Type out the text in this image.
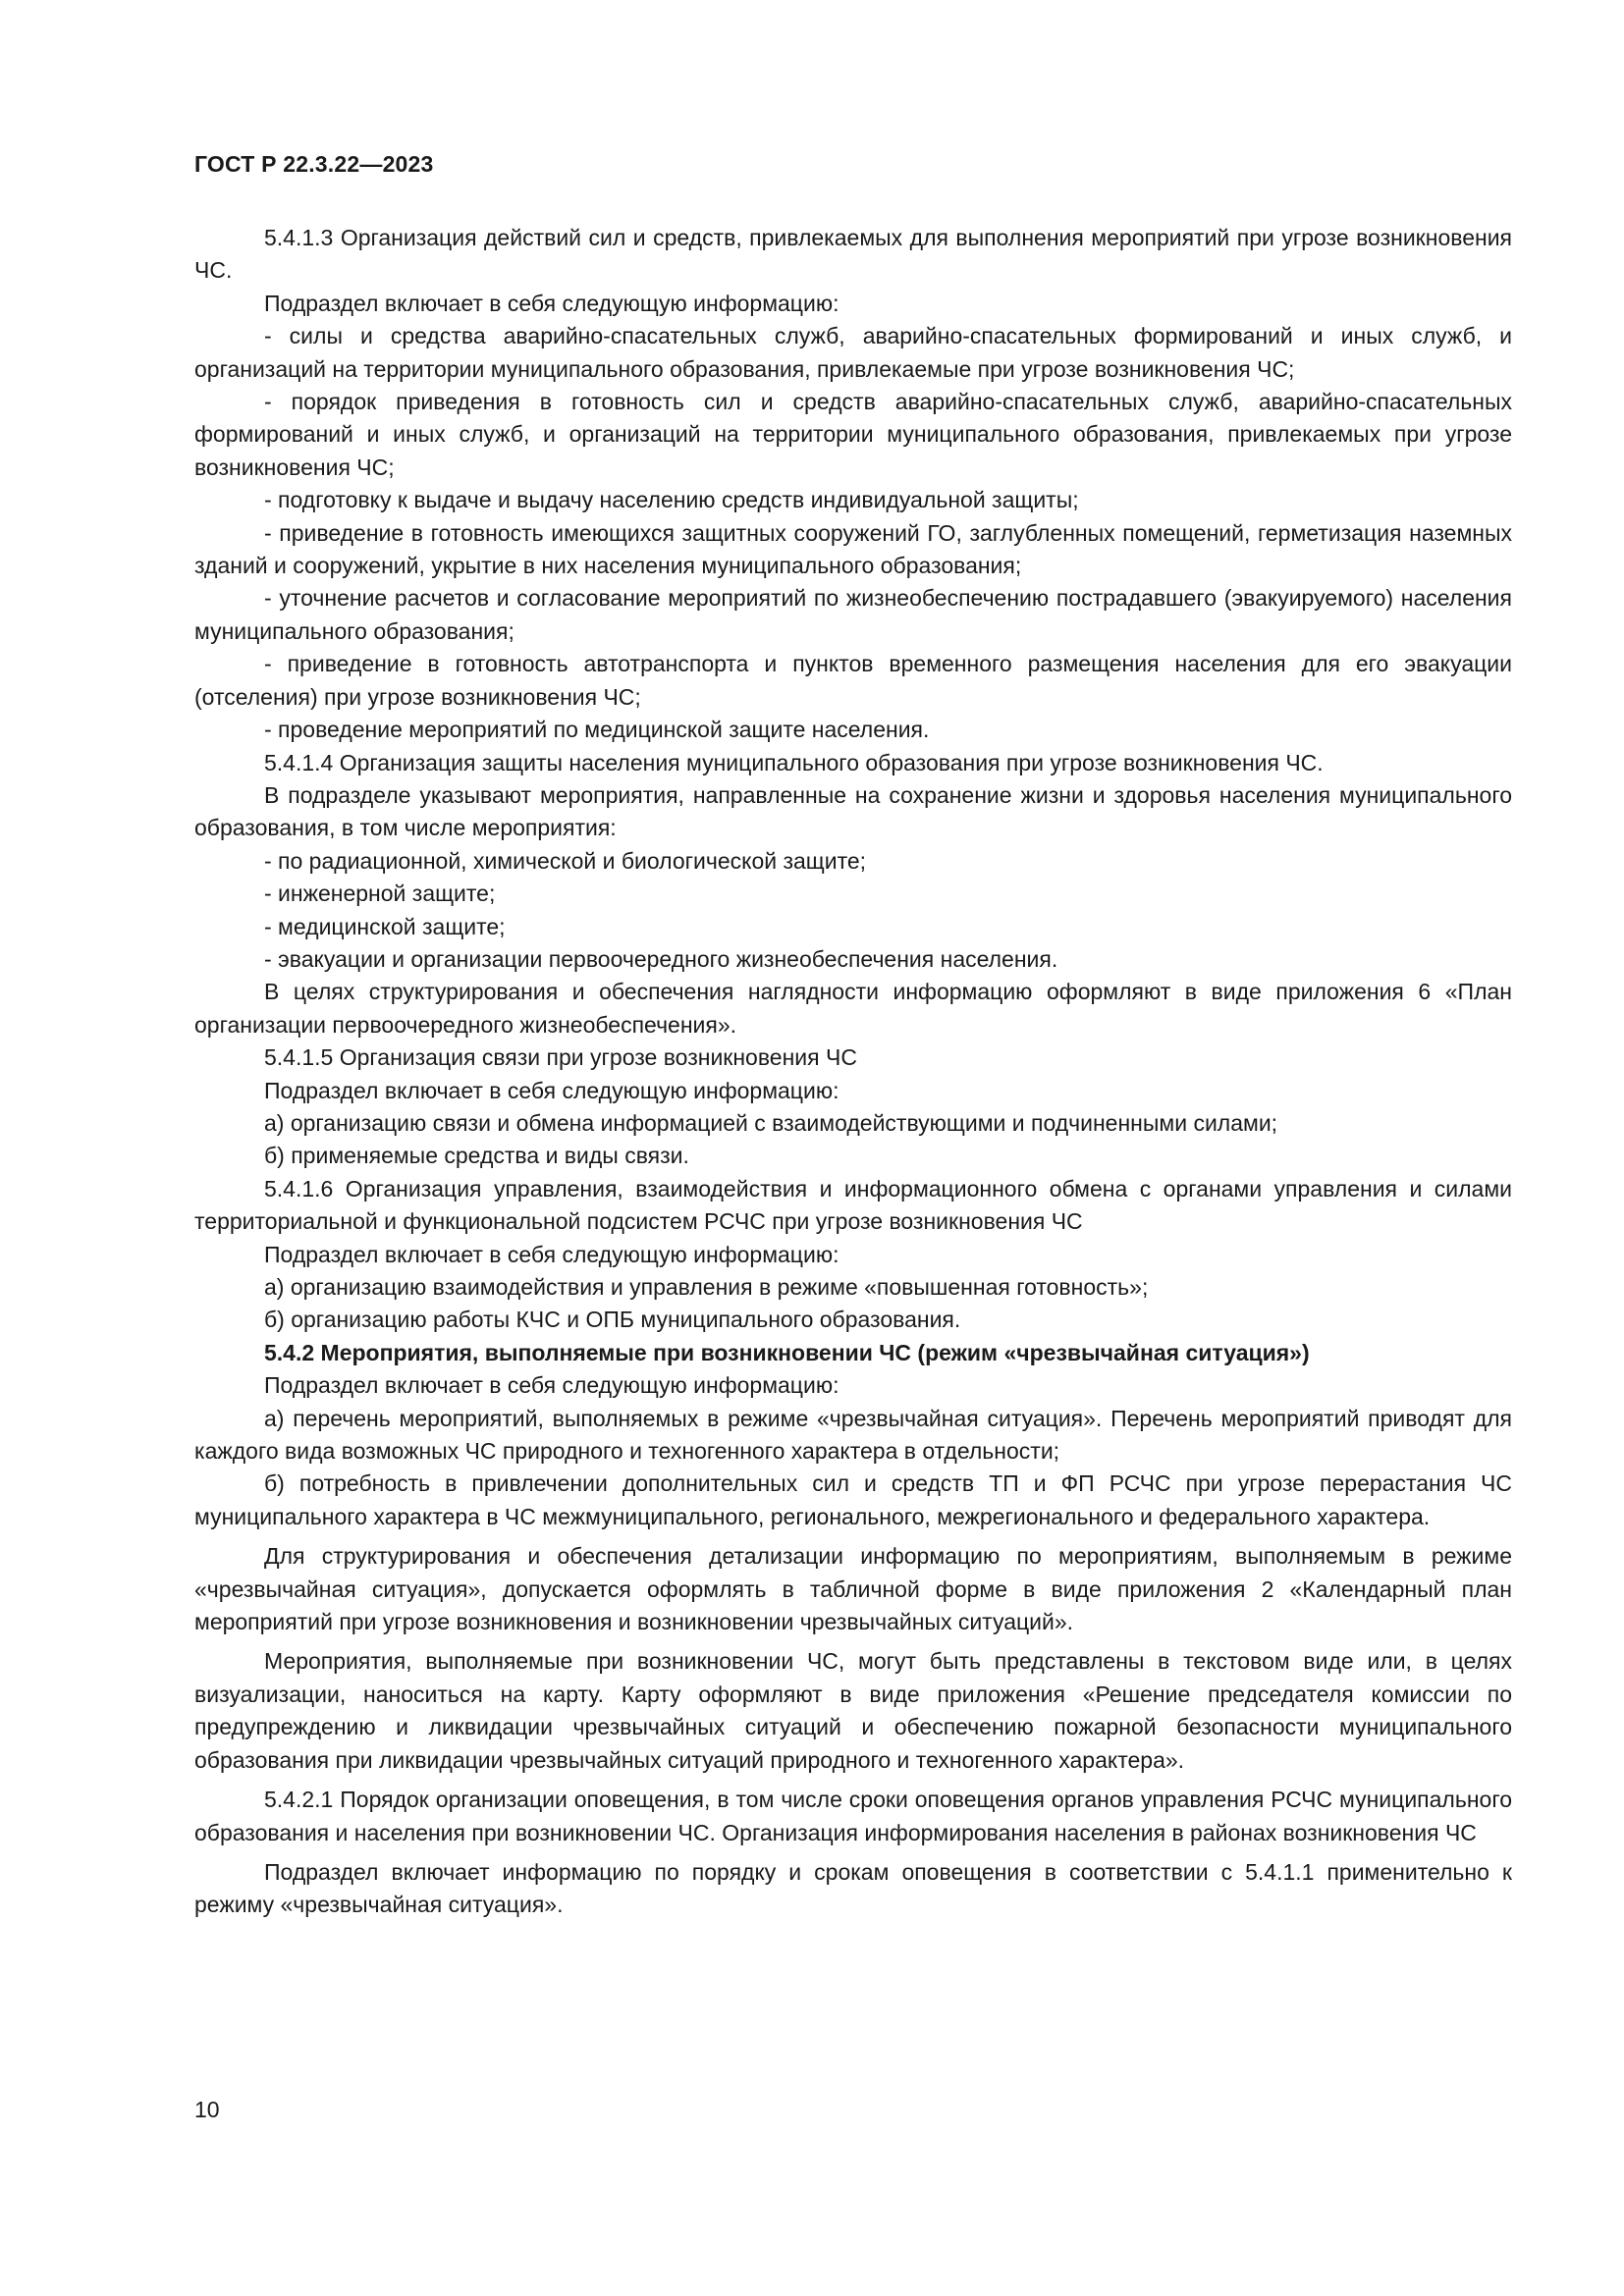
ГОСТ Р 22.3.22—2023

5.4.1.3 Организация действий сил и средств, привлекаемых для выполнения мероприятий при угрозе возникновения ЧС.

Подраздел включает в себя следующую информацию:

- силы и средства аварийно-спасательных служб, аварийно-спасательных формирований и иных служб, и организаций на территории муниципального образования, привлекаемые при угрозе возникновения ЧС;

- порядок приведения в готовность сил и средств аварийно-спасательных служб, аварийно-спасательных формирований и иных служб, и организаций на территории муниципального образования, привлекаемых при угрозе возникновения ЧС;

- подготовку к выдаче и выдачу населению средств индивидуальной защиты;

- приведение в готовность имеющихся защитных сооружений ГО, заглубленных помещений, герметизация наземных зданий и сооружений, укрытие в них населения муниципального образования;

- уточнение расчетов и согласование мероприятий по жизнеобеспечению пострадавшего (эвакуируемого) населения муниципального образования;

- приведение в готовность автотранспорта и пунктов временного размещения населения для его эвакуации (отселения) при угрозе возникновения ЧС;

- проведение мероприятий по медицинской защите населения.

5.4.1.4 Организация защиты населения муниципального образования при угрозе возникновения ЧС.

В подразделе указывают мероприятия, направленные на сохранение жизни и здоровья населения муниципального образования, в том числе мероприятия:

- по радиационной, химической и биологической защите;

- инженерной защите;

- медицинской защите;

- эвакуации и организации первоочередного жизнеобеспечения населения.

В целях структурирования и обеспечения наглядности информацию оформляют в виде приложения 6 «План организации первоочередного жизнеобеспечения».

5.4.1.5 Организация связи при угрозе возникновения ЧС

Подраздел включает в себя следующую информацию:

а) организацию связи и обмена информацией с взаимодействующими и подчиненными силами;

б) применяемые средства и виды связи.

5.4.1.6 Организация управления, взаимодействия и информационного обмена с органами управления и силами территориальной и функциональной подсистем РСЧС при угрозе возникновения ЧС

Подраздел включает в себя следующую информацию:

а) организацию взаимодействия и управления в режиме «повышенная готовность»;

б) организацию работы КЧС и ОПБ муниципального образования.

5.4.2 Мероприятия, выполняемые при возникновении ЧС (режим «чрезвычайная ситуация»)

Подраздел включает в себя следующую информацию:

а) перечень мероприятий, выполняемых в режиме «чрезвычайная ситуация». Перечень мероприятий приводят для каждого вида возможных ЧС природного и техногенного характера в отдельности;

б) потребность в привлечении дополнительных сил и средств ТП и ФП РСЧС при угрозе перерастания ЧС муниципального характера в ЧС межмуниципального, регионального, межрегионального и федерального характера.

Для структурирования и обеспечения детализации информацию по мероприятиям, выполняемым в режиме «чрезвычайная ситуация», допускается оформлять в табличной форме в виде приложения 2 «Календарный план мероприятий при угрозе возникновения и возникновении чрезвычайных ситуаций».

Мероприятия, выполняемые при возникновении ЧС, могут быть представлены в текстовом виде или, в целях визуализации, наноситься на карту. Карту оформляют в виде приложения «Решение председателя комиссии по предупреждению и ликвидации чрезвычайных ситуаций и обеспечению пожарной безопасности муниципального образования при ликвидации чрезвычайных ситуаций природного и техногенного характера».

5.4.2.1 Порядок организации оповещения, в том числе сроки оповещения органов управления РСЧС муниципального образования и населения при возникновении ЧС. Организация информирования населения в районах возникновения ЧС

Подраздел включает информацию по порядку и срокам оповещения в соответствии с 5.4.1.1 применительно к режиму «чрезвычайная ситуация».

10
